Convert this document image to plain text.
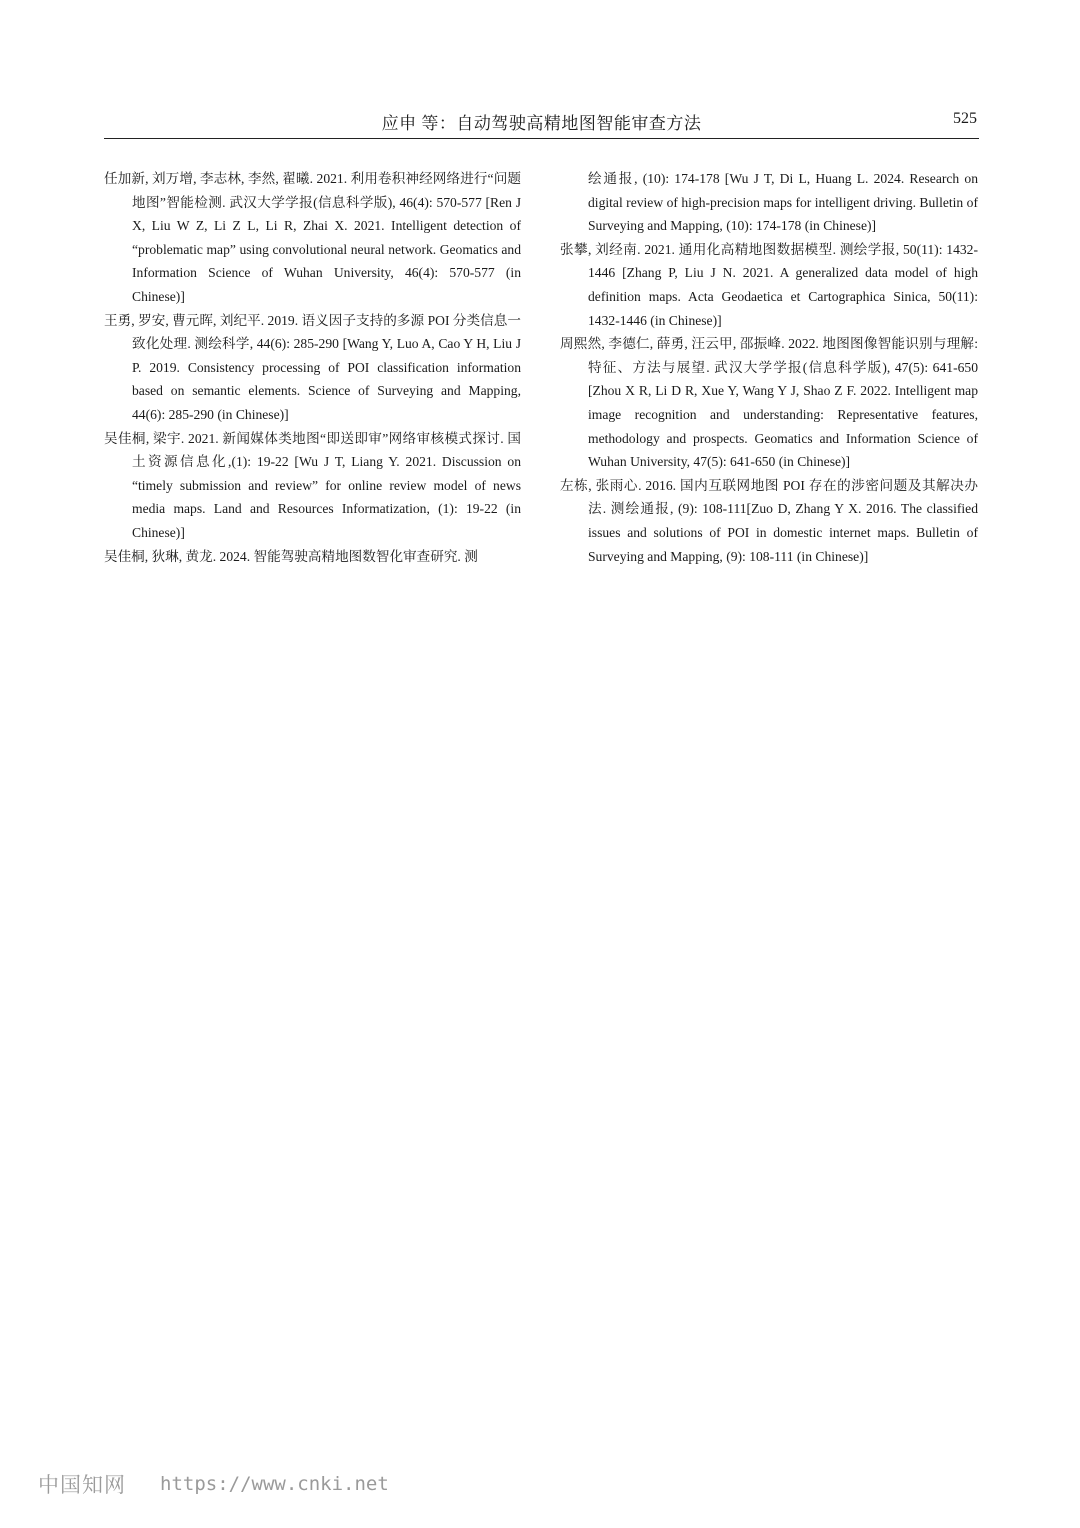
应申 等：自动驾驶高精地图智能审查方法	525
任加新, 刘万增, 李志林, 李然, 翟曦. 2021. 利用卷积神经网络进行“问题地图”智能检测. 武汉大学学报(信息科学版), 46(4): 570-577 [Ren J X, Liu W Z, Li Z L, Li R, Zhai X. 2021. Intelligent detection of “problematic map” using convolutional neural network. Geomatics and Information Science of Wuhan University, 46(4): 570-577 (in Chinese)]
王勇, 罗安, 曹元晖, 刘纪平. 2019. 语义因子支持的多源 POI 分类信息一致化处理. 测绘科学, 44(6): 285-290 [Wang Y, Luo A, Cao Y H, Liu J P. 2019. Consistency processing of POI classification information based on semantic elements. Science of Surveying and Mapping, 44(6): 285-290 (in Chinese)]
吴佳桐, 梁宇. 2021. 新闻媒体类地图“即送即审”网络审核模式探讨. 国土资源信息化,(1): 19-22 [Wu J T, Liang Y. 2021. Discussion on “timely submission and review” for online review model of news media maps. Land and Resources Informatization, (1): 19-22 (in Chinese)]
吴佳桐, 狄琳, 黄龙. 2024. 智能驾驶高精地图数智化审查研究. 测
绘通报, (10): 174-178 [Wu J T, Di L, Huang L. 2024. Research on digital review of high-precision maps for intelligent driving. Bulletin of Surveying and Mapping, (10): 174-178 (in Chinese)]
张攀, 刘经南. 2021. 通用化高精地图数据模型. 测绘学报, 50(11): 1432-1446 [Zhang P, Liu J N. 2021. A generalized data model of high definition maps. Acta Geodaetica et Cartographica Sinica, 50(11): 1432-1446 (in Chinese)]
周熙然, 李德仁, 薛勇, 汪云甲, 邵振峰. 2022. 地图图像智能识别与理解: 特征、方法与展望. 武汉大学学报(信息科学版), 47(5): 641-650 [Zhou X R, Li D R, Xue Y, Wang Y J, Shao Z F. 2022. Intelligent map image recognition and understanding: Representative features, methodology and prospects. Geomatics and Information Science of Wuhan University, 47(5): 641-650 (in Chinese)]
左栋, 张雨心. 2016. 国内互联网地图 POI 存在的涉密问题及其解决办法. 测绘通报, (9): 108-111[Zuo D, Zhang Y X. 2016. The classified issues and solutions of POI in domestic internet maps. Bulletin of Surveying and Mapping, (9): 108-111 (in Chinese)]
中国知网 https://www.cnki.net
